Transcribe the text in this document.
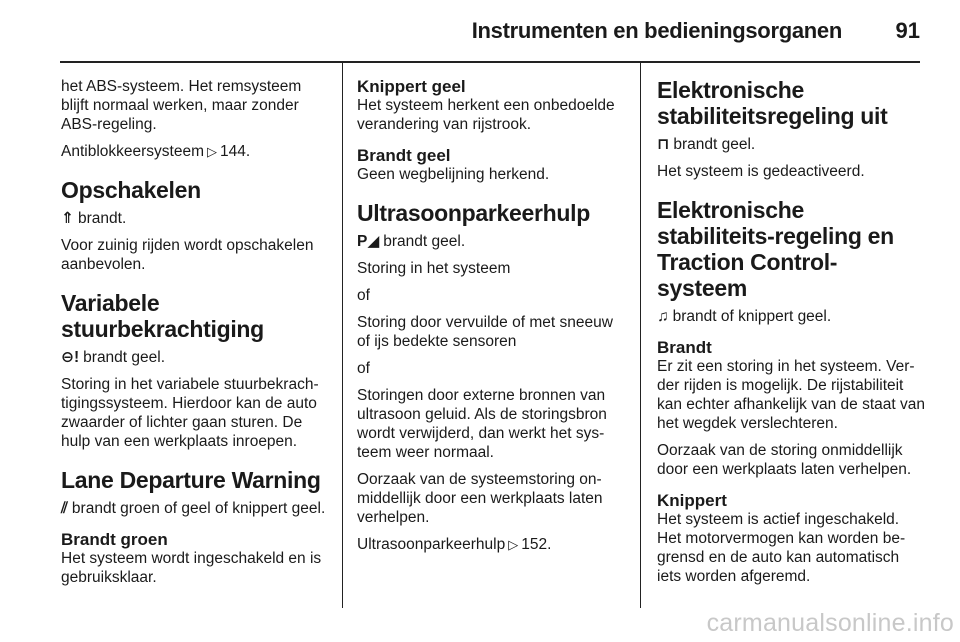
Instrumenten en bedieningsorganen 91

het ABS-systeem. Het remsysteem blijft normaal werken, maar zonder ABS-regeling.

Antiblokkeersysteem ▷ 144.

Opschakelen

⇑ brandt.

Voor zuinig rijden wordt opschakelen aanbevolen.

Variabele stuurbekrachtiging

⊖! brandt geel.

Storing in het variabele stuurbekrach-tigingssysteem. Hierdoor kan de auto zwaarder of lichter gaan sturen. De hulp van een werkplaats inroepen.

Lane Departure Warning

⫽ brandt groen of geel of knippert geel.

Brandt groen

Het systeem wordt ingeschakeld en is gebruiksklaar.

Knippert geel

Het systeem herkent een onbedoelde verandering van rijstrook.

Brandt geel

Geen wegbelijning herkend.

Ultrasoonparkeerhulp

P◢ brandt geel.

Storing in het systeem

of

Storing door vervuilde of met sneeuw of ijs bedekte sensoren

of

Storingen door externe bronnen van ultrasoon geluid. Als de storingsbron wordt verwijderd, dan werkt het sys-teem weer normaal.

Oorzaak van de systeemstoring on-middellijk door een werkplaats laten verhelpen.

Ultrasoonparkeerhulp ▷ 152.

Elektronische stabiliteitsregeling uit

⊓ brandt geel.

Het systeem is gedeactiveerd.

Elektronische stabiliteits-regeling en Traction Control-systeem

♫ brandt of knippert geel.

Brandt

Er zit een storing in het systeem. Ver-der rijden is mogelijk. De rijstabiliteit kan echter afhankelijk van de staat van het wegdek verslechteren.

Oorzaak van de storing onmiddellijk door een werkplaats laten verhelpen.

Knippert

Het systeem is actief ingeschakeld. Het motorvermogen kan worden be-grensd en de auto kan automatisch iets worden afgeremd.

carmanualsonline.info
